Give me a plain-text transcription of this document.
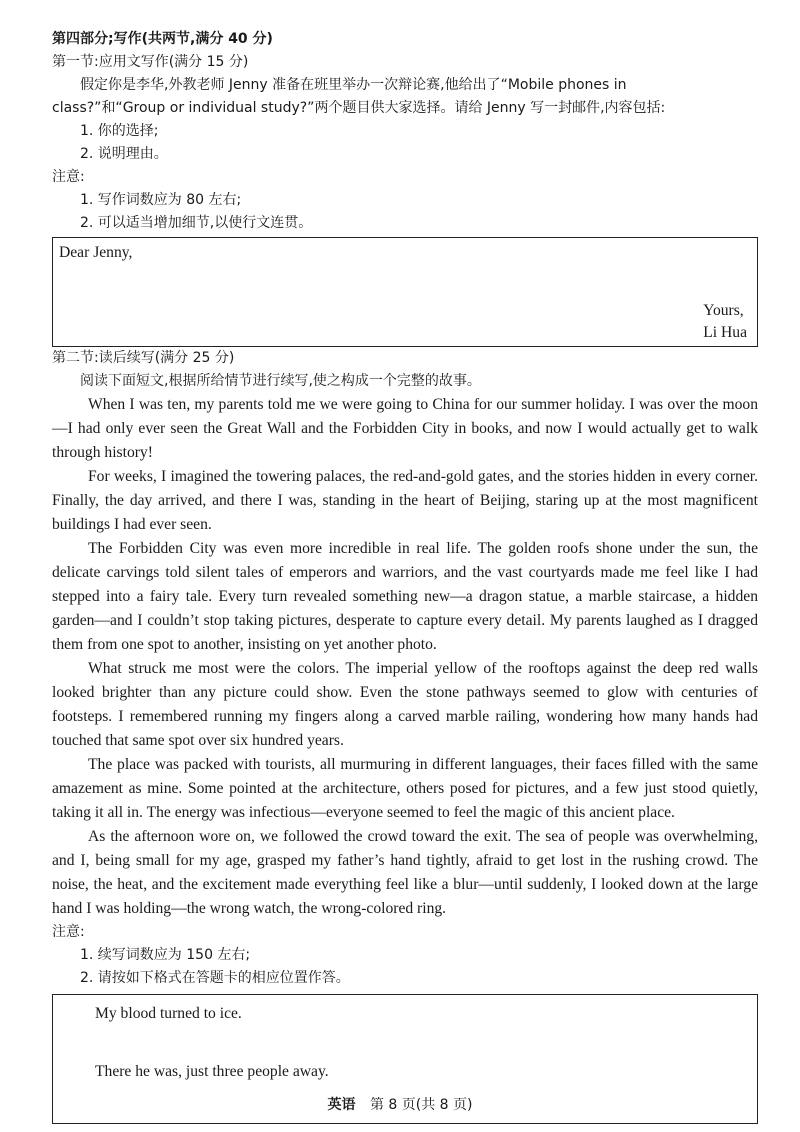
第四部分;写作(共两节,满分 40 分)
第一节:应用文写作(满分 15 分)
假定你是李华,外教老师 Jenny 准备在班里举办一次辩论赛,他给出了“Mobile phones in
class?”和“Group or individual study?”两个题目供大家选择。请给 Jenny 写一封邮件,内容包括:
1. 你的选择;
2. 说明理由。
注意:
1. 写作词数应为 80 左右;
2. 可以适当增加细节,以使行文连贯。
Dear Jenny,
Yours,
Li Hua
第二节:读后续写(满分 25 分)
阅读下面短文,根据所给情节进行续写,使之构成一个完整的故事。

When I was ten, my parents told me we were going to China for our summer holiday. I was over the moon—I had only ever seen the Great Wall and the Forbidden City in books, and now I would actually get to walk through history!

For weeks, I imagined the towering palaces, the red-and-gold gates, and the stories hidden in every corner. Finally, the day arrived, and there I was, standing in the heart of Beijing, staring up at the most magnificent buildings I had ever seen.

The Forbidden City was even more incredible in real life. The golden roofs shone under the sun, the delicate carvings told silent tales of emperors and warriors, and the vast courtyards made me feel like I had stepped into a fairy tale. Every turn revealed something new—a dragon statue, a marble staircase, a hidden garden—and I couldn’t stop taking pictures, desperate to capture every detail. My parents laughed as I dragged them from one spot to another, insisting on yet another photo.

What struck me most were the colors. The imperial yellow of the rooftops against the deep red walls looked brighter than any picture could show. Even the stone pathways seemed to glow with centuries of footsteps. I remembered running my fingers along a carved marble railing, wondering how many hands had touched that same spot over six hundred years.

The place was packed with tourists, all murmuring in different languages, their faces filled with the same amazement as mine. Some pointed at the architecture, others posed for pictures, and a few just stood quietly, taking it all in. The energy was infectious—everyone seemed to feel the magic of this ancient place.

As the afternoon wore on, we followed the crowd toward the exit. The sea of people was overwhelming, and I, being small for my age, grasped my father’s hand tightly, afraid to get lost in the rushing crowd. The noise, the heat, and the excitement made everything feel like a blur—until suddenly, I looked down at the large hand I was holding—the wrong watch, the wrong-colored ring.

注意:
1. 续写词数应为 150 左右;
2. 请按如下格式在答题卡的相应位置作答。
My blood turned to ice.
There he was, just three people away.
英语 第 8 页(共 8 页)
